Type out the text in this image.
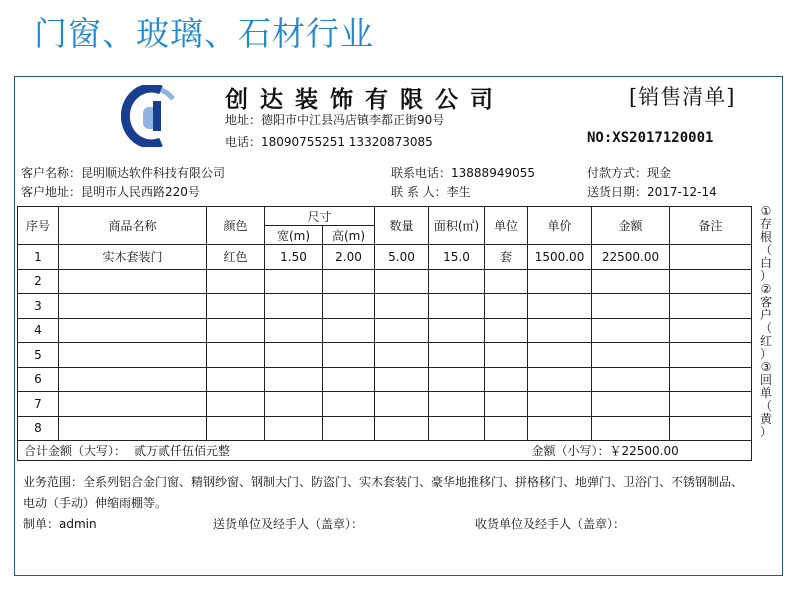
门窗、玻璃、石材行业
创达装饰有限公司
地址：德阳市中江县冯店镇李都正街90号
电话：18090755251 13320873085
[销售清单]
NO:XS2017120001
客户名称：昆明顺达软件科技有限公司	联系电话：13888949055	付款方式：现金
客户地址：昆明市人民西路220号	联 系 人：李生	送货日期：2017-12-14
序号	商品名称	颜色	尺寸		数量	面积(㎡)	单位	单价	金额	备注
			宽(m)	高(m)						
1	实木套装门	红色	1.50	2.00	5.00	15.0	套	1500.00	22500.00	
2										
3										
4										
5										
6										
7										
8										
合计金额（大写）： 贰万贰仟伍佰元整 金额（小写）：￥22500.00										
①
存
根
（
白
）
②
客
户
（
红
）
③
回
单
（
黄
）
业务范围：全系列铝合金门窗、精钢纱窗、钢制大门、防盗门、实木套装门、豪华地推移门、拼格移门、地弹门、卫浴门、不锈钢制品、电动（手动）伸缩雨棚等。
制单：admin	送货单位及经手人（盖章）：	收货单位及经手人（盖章）：
